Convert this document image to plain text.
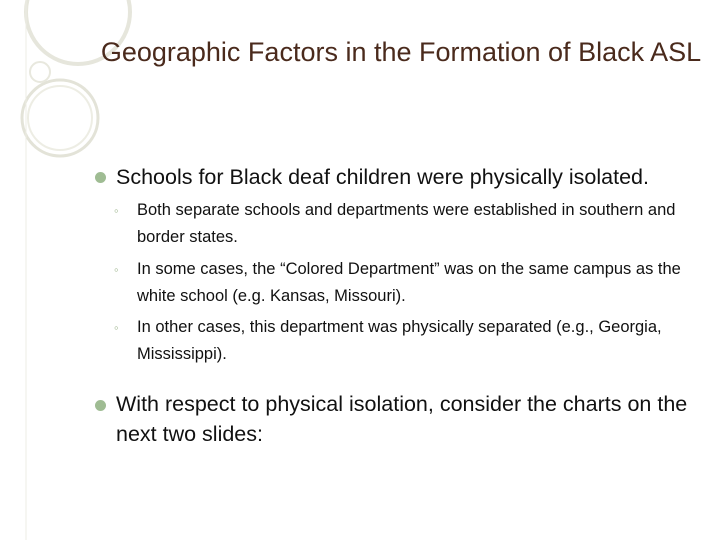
Geographic Factors in the Formation of Black ASL
Schools for Black deaf children were physically isolated.
◦ Both separate schools and departments were established in southern and border states.
◦ In some cases, the “Colored Department” was on the same campus as the white school (e.g. Kansas, Missouri).
◦ In other cases, this department was physically separated (e.g., Georgia, Mississippi).
With respect to physical isolation, consider the charts on the next two slides:
